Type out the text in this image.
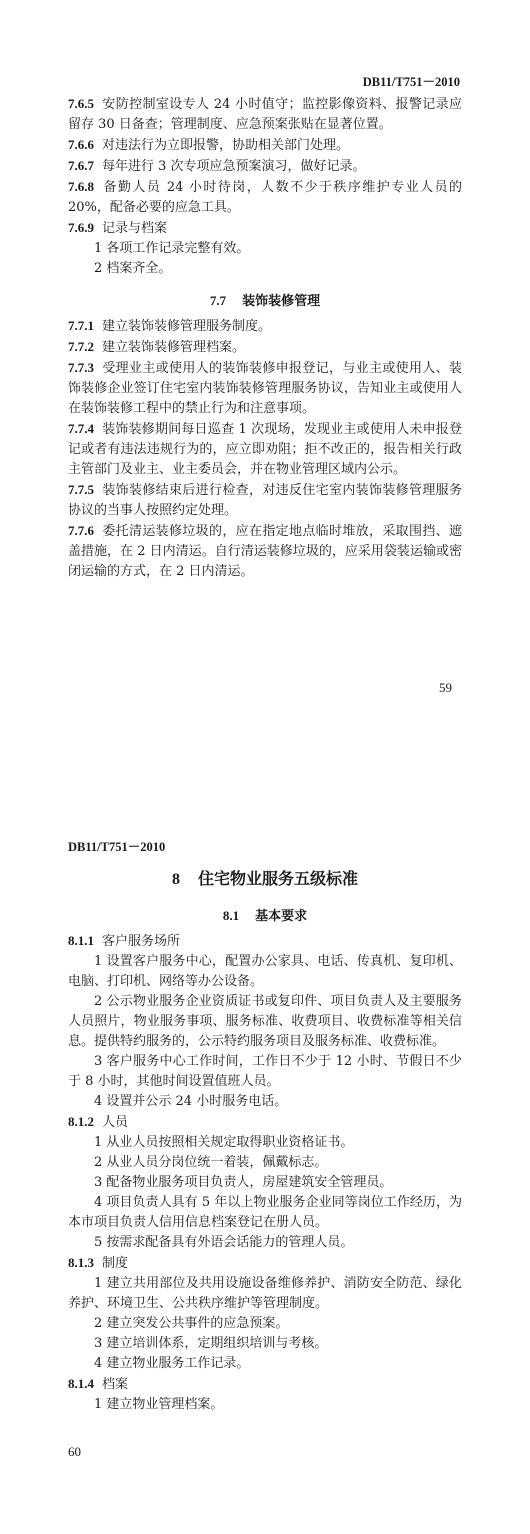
DB11/T751－2010

7.6.5 安防控制室设专人 24 小时值守；监控影像资料、报警记录应留存 30 日备查；管理制度、应急预案张贴在显著位置。

7.6.6 对违法行为立即报警，协助相关部门处理。

7.6.7 每年进行 3 次专项应急预案演习，做好记录。

7.6.8 备勤人员 24 小时待岗，人数不少于秩序维护专业人员的 20%，配备必要的应急工具。

7.6.9 记录与档案

1 各项工作记录完整有效。

2 档案齐全。

7.7 装饰装修管理

7.7.1 建立装饰装修管理服务制度。

7.7.2 建立装饰装修管理档案。

7.7.3 受理业主或使用人的装饰装修申报登记，与业主或使用人、装饰装修企业签订住宅室内装饰装修管理服务协议，告知业主或使用人在装饰装修工程中的禁止行为和注意事项。

7.7.4 装饰装修期间每日巡查 1 次现场，发现业主或使用人未申报登记或者有违法违规行为的，应立即劝阻；拒不改正的，报告相关行政主管部门及业主、业主委员会，并在物业管理区域内公示。

7.7.5 装饰装修结束后进行检查，对违反住宅室内装饰装修管理服务协议的当事人按照约定处理。

7.7.6 委托清运装修垃圾的，应在指定地点临时堆放，采取围挡、遮盖措施，在 2 日内清运。自行清运装修垃圾的，应采用袋装运输或密闭运输的方式，在 2 日内清运。

59
DB11/T751－2010

8 住宅物业服务五级标准

8.1 基本要求

8.1.1 客户服务场所

1 设置客户服务中心，配置办公家具、电话、传真机、复印机、电脑、打印机、网络等办公设备。

2 公示物业服务企业资质证书或复印件、项目负责人及主要服务人员照片，物业服务事项、服务标准、收费项目、收费标准等相关信息。提供特约服务的，公示特约服务项目及服务标准、收费标准。

3 客户服务中心工作时间，工作日不少于 12 小时、节假日不少于 8 小时，其他时间设置值班人员。

4 设置并公示 24 小时服务电话。

8.1.2 人员

1 从业人员按照相关规定取得职业资格证书。

2 从业人员分岗位统一着装，佩戴标志。

3 配备物业服务项目负责人，房屋建筑安全管理员。

4 项目负责人具有 5 年以上物业服务企业同等岗位工作经历，为本市项目负责人信用信息档案登记在册人员。

5 按需求配备具有外语会话能力的管理人员。

8.1.3 制度

1 建立共用部位及共用设施设备维修养护、消防安全防范、绿化养护、环境卫生、公共秩序维护等管理制度。

2 建立突发公共事件的应急预案。

3 建立培训体系，定期组织培训与考核。

4 建立物业服务工作记录。

8.1.4 档案

1 建立物业管理档案。

60
